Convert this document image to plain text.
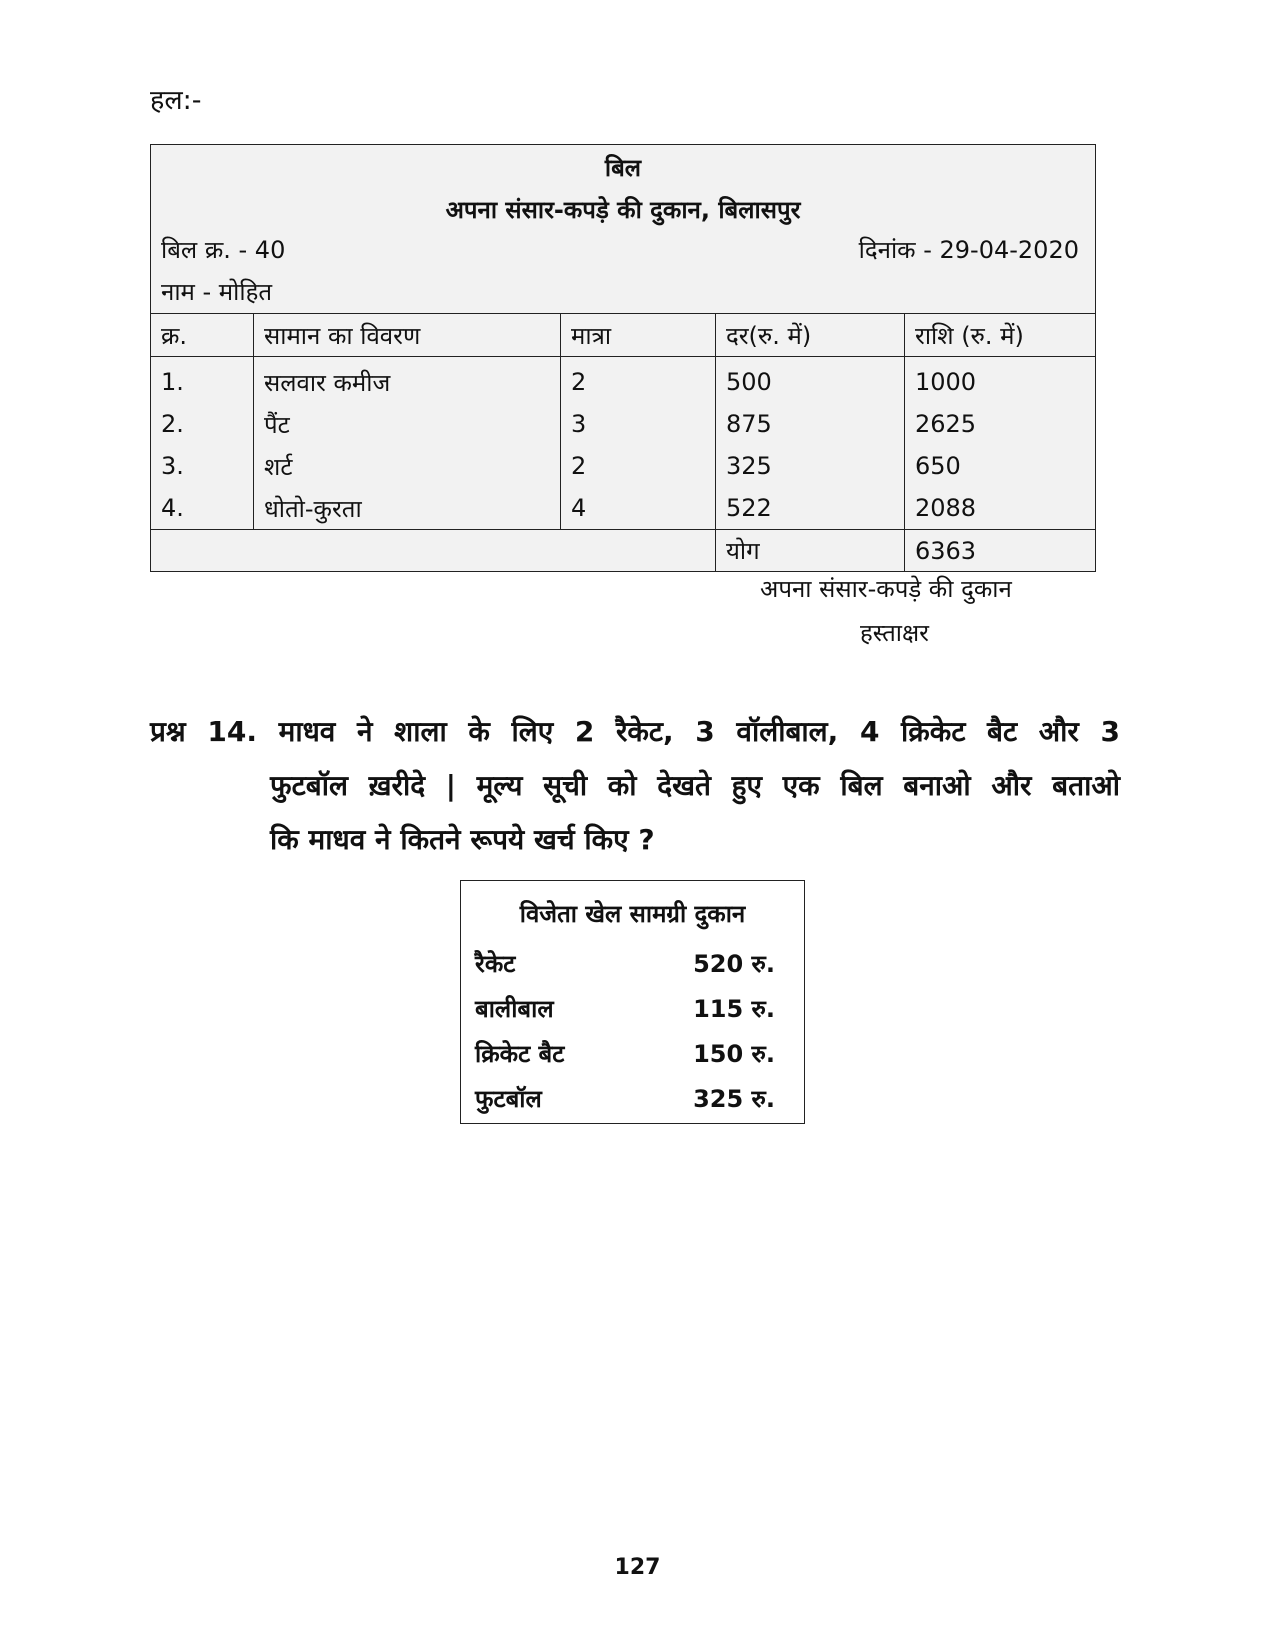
हल:-
बिल
अपना संसार-कपड़े की दुकान, बिलासपुर
बिल क्र. - 40	दिनांक - 29-04-2020
नाम - मोहित
क्र.	सामान का विवरण	मात्रा	दर(रु. में)	राशि (रु. में)
1.	सलवार कमीज	2	500	1000
2.	पैंट	3	875	2625
3.	शर्ट	2	325	650
4.	धोतो-कुरता	4	522	2088
			योग	6363
अपना संसार-कपड़े की दुकान
हस्ताक्षर
प्रश्न 14. माधव ने शाला के लिए 2 रैकेट, 3 वॉलीबाल, 4 क्रिकेट बैट और 3
फुटबॉल ख़रीदे | मूल्य सूची को देखते हुए एक बिल बनाओ और बताओ
कि माधव ने कितने रूपये खर्च किए ?
विजेता खेल सामग्री दुकान
रैकेट	520 रु.
बालीबाल	115 रु.
क्रिकेट बैट	150 रु.
फुटबॉल	325 रु.
127
